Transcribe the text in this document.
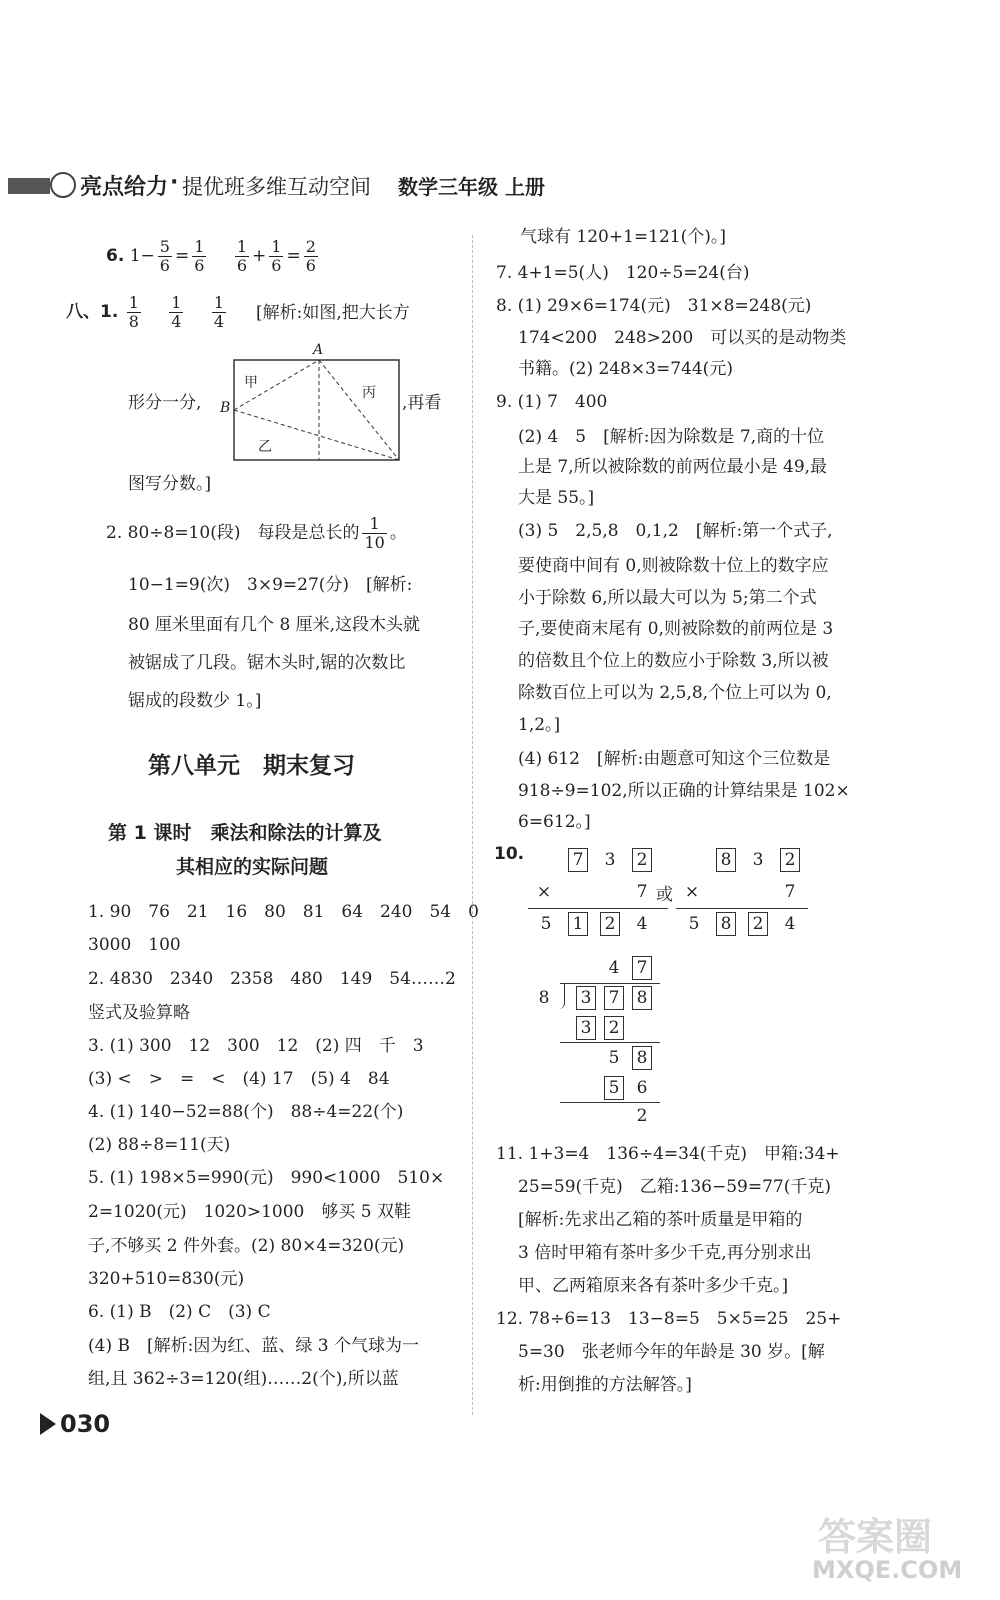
亮点给力 · 提优班多维互动空间 数学三年级 上册
6. $1- \frac{5}{6} = \frac{1}{6}$
　 $\frac{1}{6} + \frac{1}{6} = \frac{2}{6}$
八、1. $\frac{1}{8}$
　 $\frac{1}{4}$
　 $\frac{1}{4}$ [解析:如图,把大长方
形分一分,	,再看
图写分数。]
A
B
甲
丙
乙
2. 80÷8=10(段)　每段是总长的 $\frac{1}{10}$ 。
10−1=9(次)　3×9=27(分)　[解析:
80 厘米里面有几个 8 厘米,这段木头就
被锯成了几段。锯木头时,锯的次数比
锯成的段数少 1。]
第八单元　期末复习
第 1 课时　乘法和除法的计算及
其相应的实际问题
1. 90　76　21　16　80　81　64　240　54　0
3000　100
2. 4830　2340　2358　480　149　54……2
竖式及验算略
3. (1) 300　12　300　12　(2) 四　千　3
(3) <　>　=　<　(4) 17　(5) 4　84
4. (1) 140−52=88(个)　88÷4=22(个)
(2) 88÷8=11(天)
5. (1) 198×5=990(元)　990<1000　510×
2=1020(元)　1020>1000　够买 5 双鞋
子,不够买 2 件外套。(2) 80×4=320(元)
320+510=830(元)
6. (1) B　(2) C　(3) C
(4) B　[解析:因为红、蓝、绿 3 个气球为一
组,且 362÷3=120(组)……2(个),所以蓝
气球有 120+1=121(个)。]
7. 4+1=5(人)　120÷5=24(台)
8. (1) 29×6=174(元)　31×8=248(元)
174<200　248>200　可以买的是动物类
书籍。(2) 248×3=744(元)
9. (1) 7　400
(2) 4　5　[解析:因为除数是 7,商的十位
上是 7,所以被除数的前两位最小是 49,最
大是 55。]
(3) 5　2,5,8　0,1,2　[解析:第一个式子,
要使商中间有 0,则被除数十位上的数字应
小于除数 6,所以最大可以为 5;第二个式
子,要使商末尾有 0,则被除数的前两位是 3
的倍数且个位上的数应小于除数 3,所以被
除数百位上可以为 2,5,8,个位上可以为 0,
1,2。]
(4) 612　[解析:由题意可知这个三位数是
918÷9=102,所以正确的计算结果是 102×
6=612。]
10.	7 3 2
×	7
5 1 2 4
或
8 3 2
×	7
5 8 2 4
4 7
8 3 7 8
3 2
5 8
5 6
2
11. 1+3=4　136÷4=34(千克)　甲箱:34+
25=59(千克)　乙箱:136−59=77(千克)
[解析:先求出乙箱的茶叶质量是甲箱的
3 倍时甲箱有茶叶多少千克,再分别求出
甲、乙两箱原来各有茶叶多少千克。]
12. 78÷6=13　13−8=5　5×5=25　25+
5=30　张老师今年的年龄是 30 岁。[解
析:用倒推的方法解答。]
030
答案圈
MXQE.COM
